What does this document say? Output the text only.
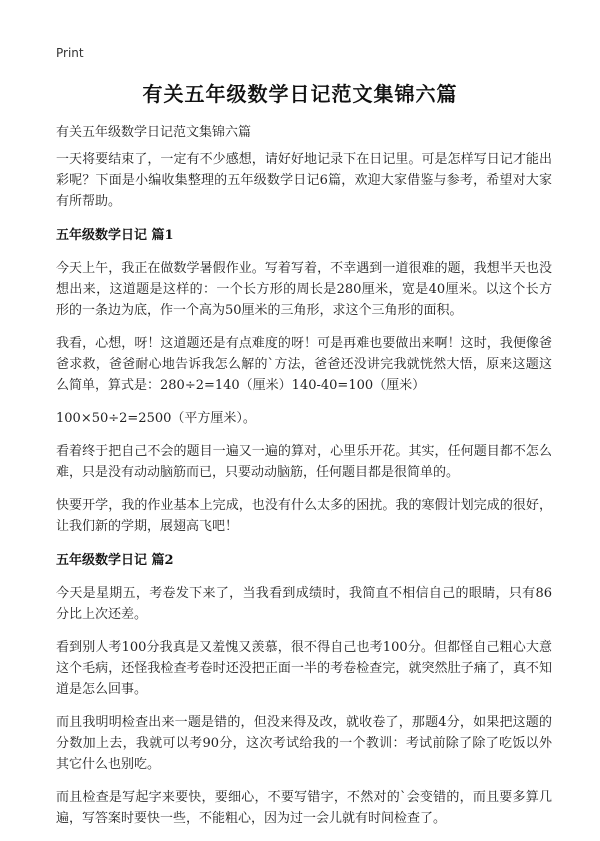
Print
有关五年级数学日记范文集锦六篇
有关五年级数学日记范文集锦六篇

一天将要结束了，一定有不少感想，请好好地记录下在日记里。可是怎样写日记才能出彩呢？下面是小编收集整理的五年级数学日记6篇，欢迎大家借鉴与参考，希望对大家有所帮助。

五年级数学日记 篇1

今天上午，我正在做数学暑假作业。写着写着，不幸遇到一道很难的题，我想半天也没想出来，这道题是这样的：一个长方形的周长是280厘米，宽是40厘米。以这个长方形的一条边为底，作一个高为50厘米的三角形，求这个三角形的面积。

我看，心想，呀！这道题还是有点难度的呀！可是再难也要做出来啊！这时，我便像爸爸求救，爸爸耐心地告诉我怎么解的`方法，爸爸还没讲完我就恍然大悟，原来这题这么简单，算式是：280÷2=140（厘米）140-40=100（厘米）

100×50÷2=2500（平方厘米）。

看着终于把自己不会的题目一遍又一遍的算对，心里乐开花。其实，任何题目都不怎么难，只是没有动动脑筋而已，只要动动脑筋，任何题目都是很简单的。

快要开学，我的作业基本上完成，也没有什么太多的困扰。我的寒假计划完成的很好，让我们新的学期，展翅高飞吧！

五年级数学日记 篇2

今天是星期五，考卷发下来了，当我看到成绩时，我简直不相信自己的眼睛，只有86分比上次还差。

看到别人考100分我真是又羞愧又羡慕，很不得自己也考100分。但都怪自己粗心大意这个毛病，还怪我检查考卷时还没把正面一半的考卷检查完，就突然肚子痛了，真不知道是怎么回事。

而且我明明检查出来一题是错的，但没来得及改，就收卷了，那题4分，如果把这题的分数加上去，我就可以考90分，这次考试给我的一个教训：考试前除了除了吃饭以外其它什么也别吃。

而且检查是写起字来要快，要细心，不要写错字，不然对的`会变错的，而且要多算几遍，写答案时要快一些，不能粗心，因为过一会儿就有时间检查了。
